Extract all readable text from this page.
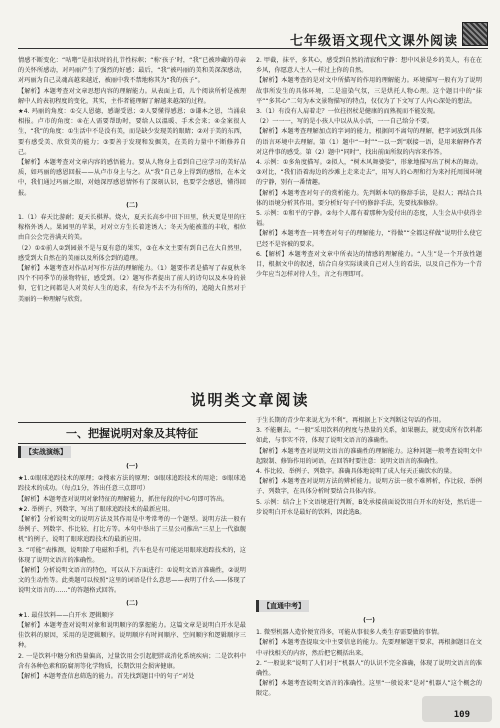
七年级语文现代文课外阅读

情感不断变化：“咕噜”是扣状时的扎节性标帜；“称‘孩子’时，“我”已被珍藏的母亲的关怀所感动，对玛丽产生了强烈的好感；最后，“我”被玛丽的美和美深深感动，对玛丽为自己灵魂高越来越近，被丽中我不禁地称其为“我的孩子”。

【解析】本题考查对文章思想内容的理解能力。从表面上看，儿个阅读所析是被理解中人的表初程度的变化，其实，主作者能理解了解越来越深的过程。

★4. 玛丽的角度：①交人恩德，感谢受恩；②人要懂得感恩；③谦本之恩，当涌泉相报。卢市的角度：④在人需要帮助时，要给人以溫暖、手术会来；④金案很人生，“我”的角度：①生活中不是没有美，而是缺少发现美的眼睛；②对于美的东西，要有感受美、欣赏美的能力；③要善于发现和发掘美，在美的力量中不断修养自己。

【解析】本题考查对文章内容的感悟能力。要从人物身上看到自己应学习的美好品质，如玛丽的感恩回报——从卢市身上与之。从“我”自己身上得到的感悟，在本文中，我们通过玛丽之眼，对她深厚感恩情怀有了深刻认识，也要学会感恩，懂得回报。

(二)

1.（1）春天比游耐；夏天长棋界。烧火，夏天长高乡中田下田里，秋天更是里的庄稼格外诱人。果园里的苹果，对对立方生长着迷诱人；冬天为能被盖的丰收，相位由自公会完善满天的美。

（2）①①前人②到园景不是与夏有意的果实，③在本文主要有到自己在大自然里，感受到大自然在的美丽以及所体会到的道理。

【解析】本题考查对作品对写作方法的理解能力。（1）题要作者是描写了春夏秋冬四个不同季节的景物特征，感受到。（2）题写作者提出了前人的诗句以及本身的景仰，它们之间都是人对美好人生的追求，有位为不去不为有所的，追随大自然对于美丽的一种理解与欣赏。

2. 甲截，抹平，多其心，感受到自然的清寂和宁静：想中风景是乡的美人，有在在乡风，你愿意人主人一样过上你的自然。

【解析】本题考查的是对文中所描写的作用的理解能力。环境描写一般有为了说明故事所发生的具体环境，二是渲染气氛，三是烘托人物心理。这个题目中的“抹平”“多其心”二句为本文景物描写的特点，仅仅为了下文写了人内心深处的想法。

3.（1）有没有人肩着走？一位拄拐杖是健康的而熟视而不能发现。

（2）一一一，写的是小孩人中以从从小活，一一自己给分不要。

【解析】本题考查理解加点的字词的能力，根据问不离句的理解，把字词放到具体的语言环境中去理解。第（1）题中“一时”“一以一到”联接一语，是用来解释作者对这件事的感受。第（2）题中“同时”，找出前面所叙的内容来作答。

4. 示例：①多角度描写。②拟人，“树木风舞婆娑”，形象地描写出了树木的舞动。③对比，“我们沿着海边的沙滩上走来走去”，用写人的心理和行为来衬托周围环境的宁静，别有一番情趣。

【解析】本题考查对句子的赏析能力。先判断本句的修辞手法，是拟人；再结合具体的语境分析其作用。要分析好句子中的修辞手法，先要找准修辞。

5. 示例：①和平的宁静。②每个人都有着那种为爱付出的态度，人生会从中获得幸福。

【解析】本题考查一同考查对句子的理解能力，“得做”“全都这样做”说明什么使它已经不是容被的要求。

6.【解析】本题考查对文章中所表达的情感的理解能力。“人生”是一个开放性题目，根据文中的叙述，结合自身实际谈谈自己对人生的看法，以及自己作为一个青少年应当怎样对待人生，言之有理即可。

说明类文章阅读
一、把握说明对象及其特征
【实战演练】

(一)

★1.①眼球追踪技术的原理；②搜索方法的原理；③眼球追踪技术的用途；⑤眼球追踪技术的成功。（每点1分，答出任意三点即可）

【解析】本题考查对说明对象特征的理解能力，抓住每段的中心句即可答出。

★2. 举例子，列数字，写出了眼球追踪技术的最新应用。

【解析】分析说明文的说明方法及其作用是中考常考的一个题型。说明方法一般有举例子、列数字、作比较、打比方等。本句中举出了三星公司推出“三星上一代旗舰机”的例子，说明了眼球追踪技术的最新应用。

3. “可能”表推测，说明除了电磁和手机，汽车也是有可能运用眼球追踪技术的，这体现了说明文语言的准确性。

【解析】分析说明文语言的特色，可以从下方面进行：①说明文语言准确性，②说明文的生动性等。此类题可以按照“这里的词语是什么意思——表明了什么——体现了说明文语言的……”的答题格式回答。

(二)

★1. 最佳饮料——白开水 逻辑顺序

【解析】本题考查对说明对象和说明顺序的掌握能力。这篇文章是说明白开水是最佳饮料的原因，采用的是逻辑顺序。说明顺序有时间顺序、空间顺序和逻辑顺序三种。

2. 一是饮料中糖分和热量偏高，过量饮用会引起肥胖或消化系统疾病；二是饮料中含有各种色素和防腐剂等化学物质，长期饮用会损害健康。

【解析】本题考查信息筛选的能力。首先找到题目中的句子“对处

于生长期的青少年来说尤为不利”，再根据上下文判断这句话的作用。

3. 不能删去。“一般”采用饮料的程度与热量的关系，如果删去，就变成所有饮料都如此，与事实不符，体现了说明文语言的准确性。

【解析】本题考查对说明文语言的准确性的理解能力。这种问题一般考查说明文中起限制、修饰作用的词语，在回答时要注意：说明文语言的准确性。

4. 作比较、举例子、列数字。准确具体地说明了成人每天正确饮水的量。

【解析】本题考查对说明方法的辨析能力。说明方法一般不难辨析，作比较、举例子、列数字，在具体分析时要结合具体内容。

5. 示例：结合上下文语境进行判断，B处承接前面说饮用白开水的好处，然后进一步说明白开水是最好的饮料，因此选B。

【直通中考】

(一)

1. 微型机器人造价便宜得多，可能从事很多人类生存需要做的事情。

【解析】本题考查提取文中主要信息的能力。先要理解题干要求，再根据题目在文中寻找相关的内容，然后把它概括出来。

2. “一般说来”说明了人们对于“机器人”的认识不完全准确，体现了说明文语言的准确性。

【解析】本题考查说明文语言的准确性。这里“一般说来”是对“机器人”这个概念的限定。

109
